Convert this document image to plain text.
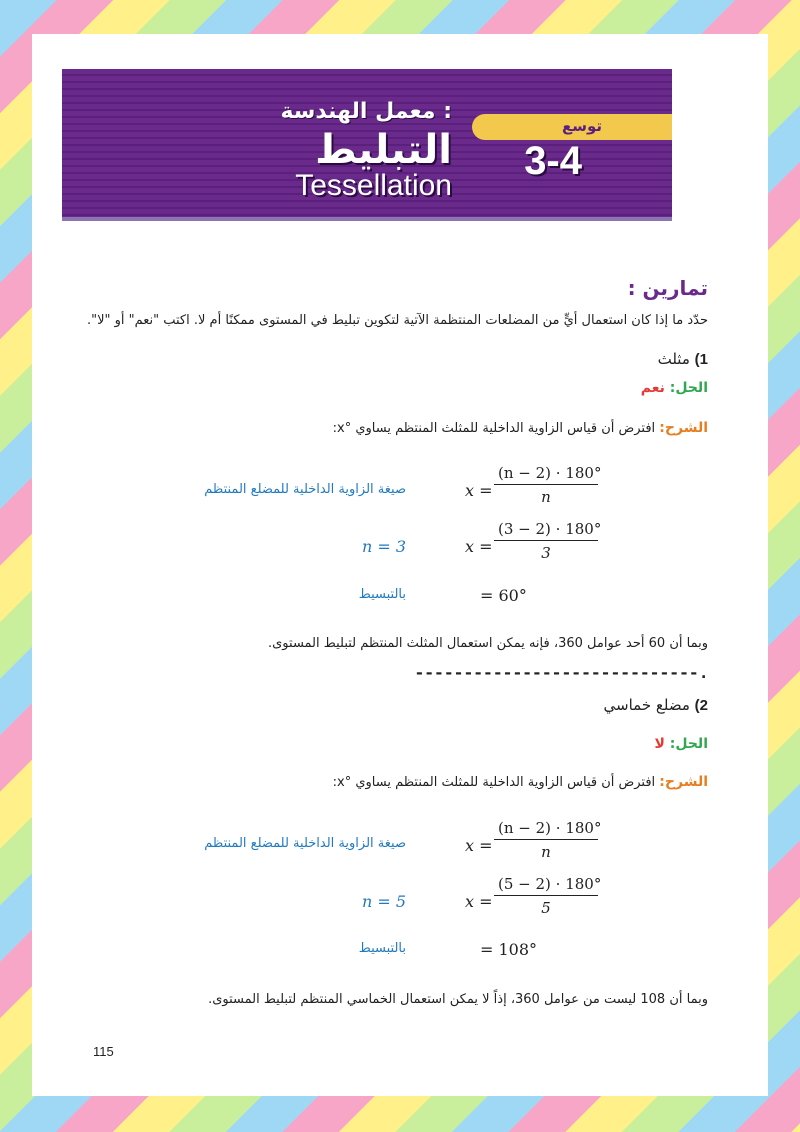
معمل الهندسة :
التبليط
Tessellation
توسع
3-4
تمارين :
حدّد ما إذا كان استعمال أيٍّ من المضلعات المنتظمة الآتية لتكوين تبليط في المستوى ممكنًا أم لا. اكتب "نعم" أو "لا".
1) مثلث
الحل: نعم
الشرح: افترض أن قياس الزاوية الداخلية للمثلث المنتظم يساوي °x:
صيغة الزاوية الداخلية للمضلع المنتظم	$x = \frac{(n - 2) \cdot 180^\circ}{n}$
n = 3	$x = \frac{(3 - 2) \cdot 180^\circ}{3}$
بالتبسيط	= 60°
وبما أن 60 أحد عوامل 360، فإنه يمكن استعمال المثلث المنتظم لتبليط المستوى.
-----------------------------.
2) مضلع خماسي
الحل: لا
الشرح: افترض أن قياس الزاوية الداخلية للمثلث المنتظم يساوي °x:
صيغة الزاوية الداخلية للمضلع المنتظم	$x = \frac{(n - 2) \cdot 180^\circ}{n}$
n = 5	$x = \frac{(5 - 2) \cdot 180^\circ}{5}$
بالتبسيط	= 108°
وبما أن 108 ليست من عوامل 360، إذاً لا يمكن استعمال الخماسي المنتظم لتبليط المستوى.
115
